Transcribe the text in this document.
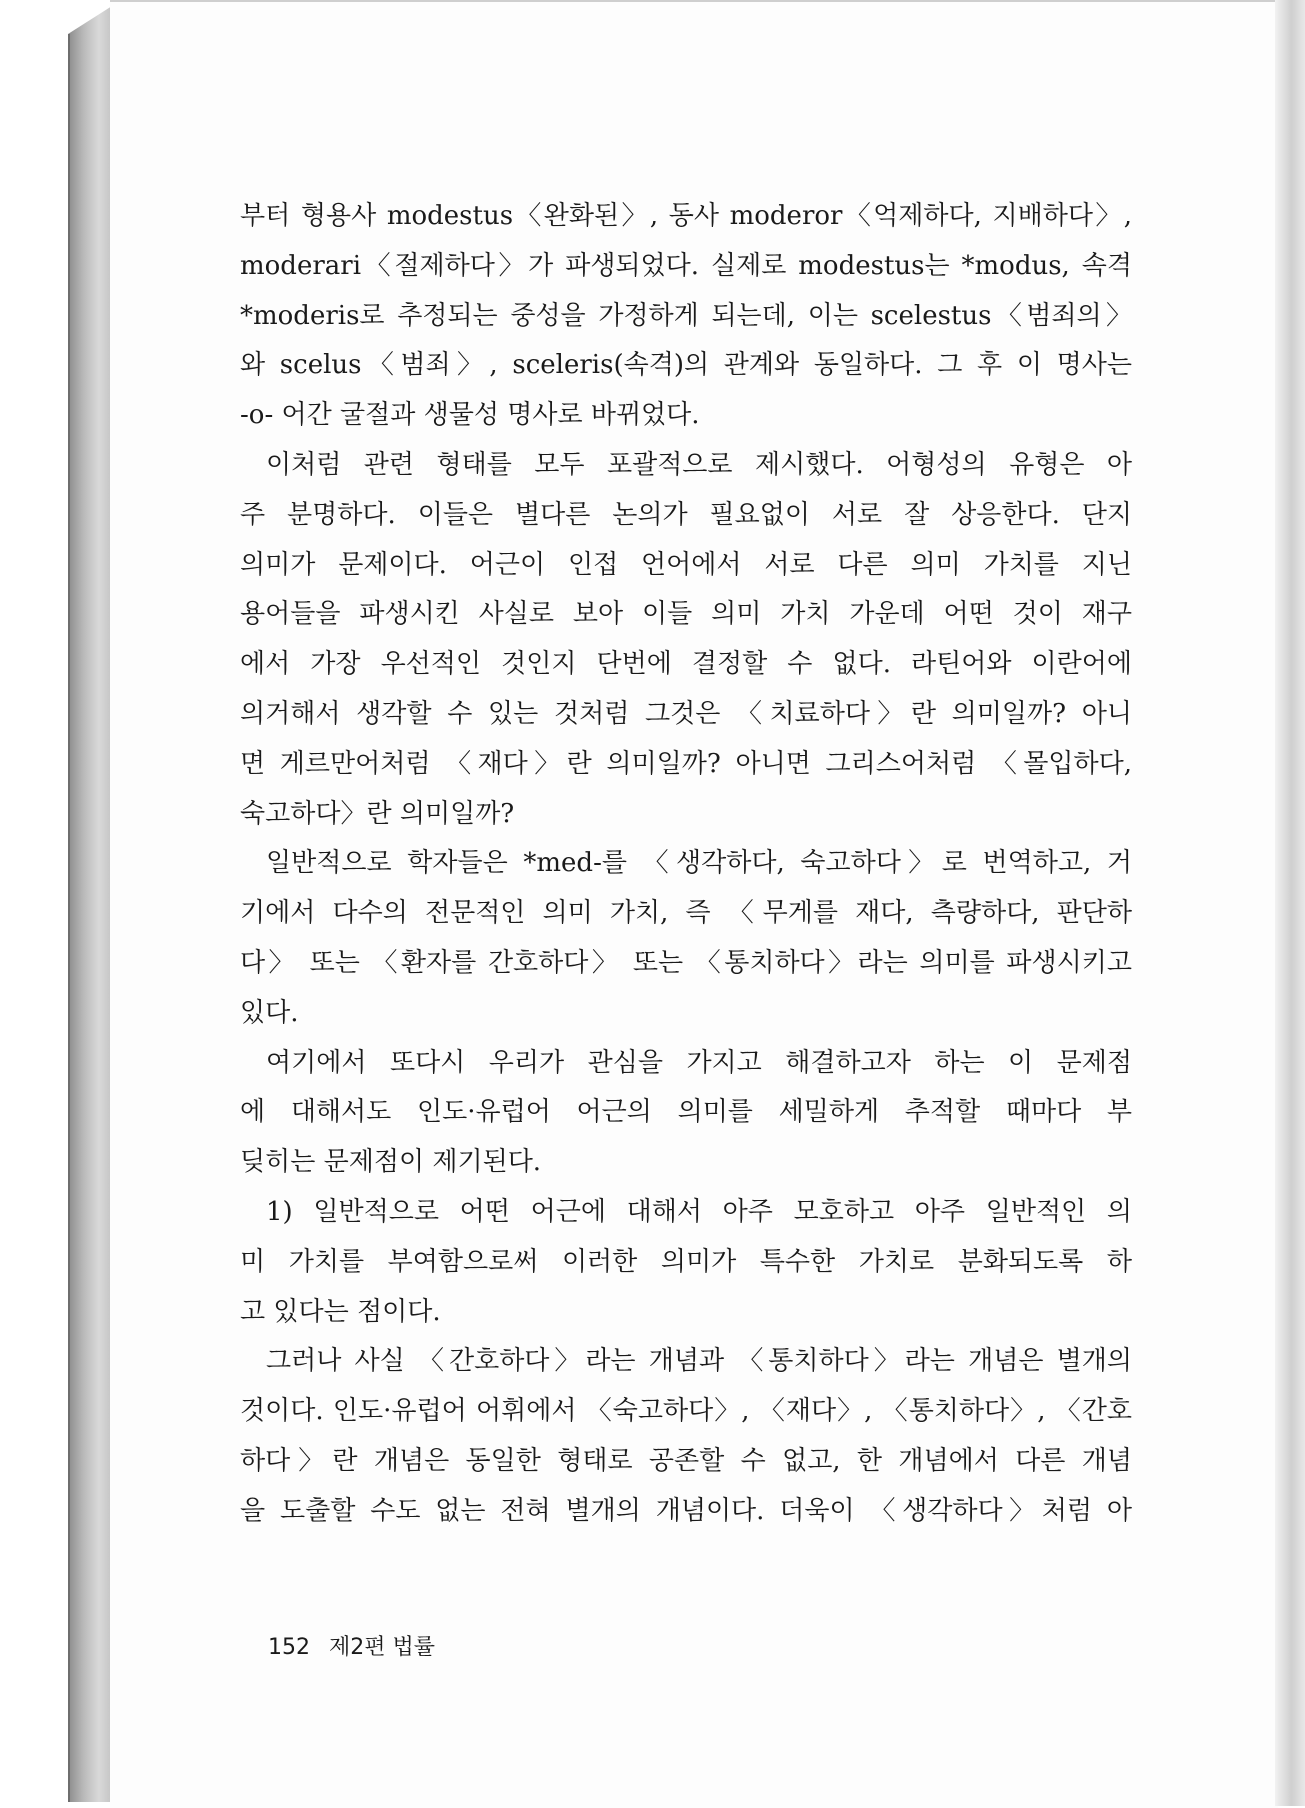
부터 형용사 modestus〈완화된〉, 동사 moderor〈억제하다, 지배하다〉,
moderari〈절제하다〉가 파생되었다. 실제로 modestus는 *modus, 속격
*moderis로 추정되는 중성을 가정하게 되는데, 이는 scelestus〈범죄의〉
와 scelus〈범죄〉, sceleris(속격)의 관계와 동일하다. 그 후 이 명사는
-o- 어간 굴절과 생물성 명사로 바뀌었다.
이처럼 관련 형태를 모두 포괄적으로 제시했다. 어형성의 유형은 아
주 분명하다. 이들은 별다른 논의가 필요없이 서로 잘 상응한다. 단지
의미가 문제이다. 어근이 인접 언어에서 서로 다른 의미 가치를 지닌
용어들을 파생시킨 사실로 보아 이들 의미 가치 가운데 어떤 것이 재구
에서 가장 우선적인 것인지 단번에 결정할 수 없다. 라틴어와 이란어에
의거해서 생각할 수 있는 것처럼 그것은 〈치료하다〉란 의미일까? 아니
면 게르만어처럼 〈재다〉란 의미일까? 아니면 그리스어처럼 〈몰입하다,
숙고하다〉란 의미일까?
일반적으로 학자들은 *med-를 〈생각하다, 숙고하다〉로 번역하고, 거
기에서 다수의 전문적인 의미 가치, 즉 〈무게를 재다, 측량하다, 판단하
다〉 또는 〈환자를 간호하다〉 또는 〈통치하다〉라는 의미를 파생시키고
있다.
여기에서 또다시 우리가 관심을 가지고 해결하고자 하는 이 문제점
에 대해서도 인도·유럽어 어근의 의미를 세밀하게 추적할 때마다 부
딪히는 문제점이 제기된다.
1) 일반적으로 어떤 어근에 대해서 아주 모호하고 아주 일반적인 의
미 가치를 부여함으로써 이러한 의미가 특수한 가치로 분화되도록 하
고 있다는 점이다.
그러나 사실 〈간호하다〉라는 개념과 〈통치하다〉라는 개념은 별개의
것이다. 인도·유럽어 어휘에서 〈숙고하다〉, 〈재다〉, 〈통치하다〉, 〈간호
하다〉란 개념은 동일한 형태로 공존할 수 없고, 한 개념에서 다른 개념
을 도출할 수도 없는 전혀 별개의 개념이다. 더욱이 〈생각하다〉처럼 아
152 제2편 법률
